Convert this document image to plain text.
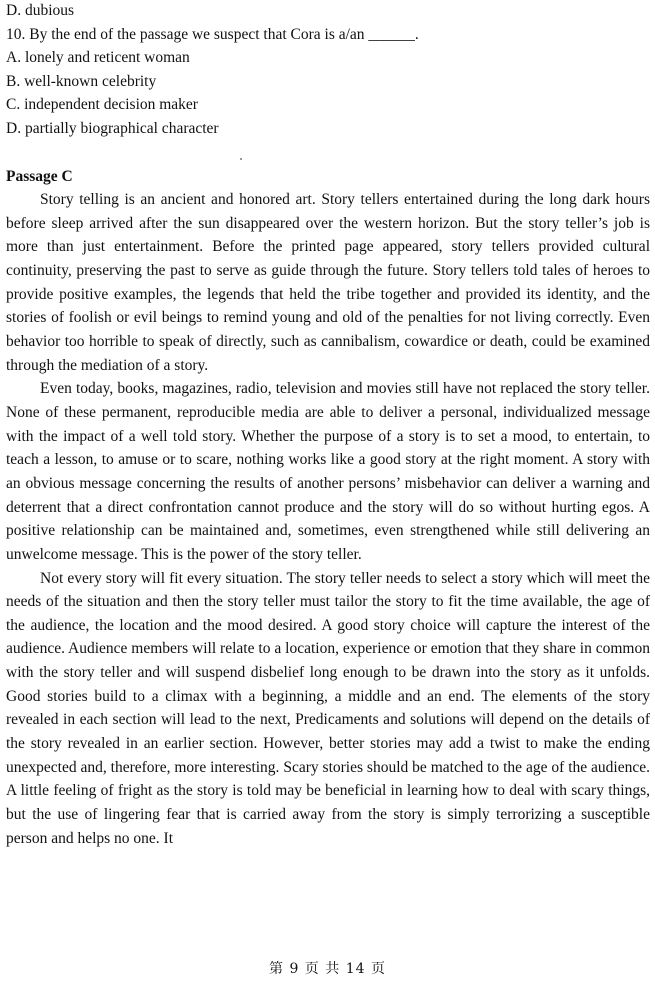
D. dubious
10. By the end of the passage we suspect that Cora is a/an ______.
A. lonely and reticent woman
B. well-known celebrity
C. independent decision maker
D. partially biographical character
Passage C

Story telling is an ancient and honored art. Story tellers entertained during the long dark hours before sleep arrived after the sun disappeared over the western horizon. But the story teller’s job is more than just entertainment. Before the printed page appeared, story tellers provided cultural continuity, preserving the past to serve as guide through the future. Story tellers told tales of heroes to provide positive examples, the legends that held the tribe together and provided its identity, and the stories of foolish or evil beings to remind young and old of the penalties for not living correctly. Even behavior too horrible to speak of directly, such as cannibalism, cowardice or death, could be examined through the mediation of a story.

Even today, books, magazines, radio, television and movies still have not replaced the story teller. None of these permanent, reproducible media are able to deliver a personal, individualized message with the impact of a well told story. Whether the purpose of a story is to set a mood, to entertain, to teach a lesson, to amuse or to scare, nothing works like a good story at the right moment. A story with an obvious message concerning the results of another persons’ misbehavior can deliver a warning and deterrent that a direct confrontation cannot produce and the story will do so without hurting egos. A positive relationship can be maintained and, sometimes, even strengthened while still delivering an unwelcome message. This is the power of the story teller.

Not every story will fit every situation. The story teller needs to select a story which will meet the needs of the situation and then the story teller must tailor the story to fit the time available, the age of the audience, the location and the mood desired. A good story choice will capture the interest of the audience. Audience members will relate to a location, experience or emotion that they share in common with the story teller and will suspend disbelief long enough to be drawn into the story as it unfolds. Good stories build to a climax with a beginning, a middle and an end. The elements of the story revealed in each section will lead to the next, Predicaments and solutions will depend on the details of the story revealed in an earlier section. However, better stories may add a twist to make the ending unexpected and, therefore, more interesting. Scary stories should be matched to the age of the audience. A little feeling of fright as the story is told may be beneficial in learning how to deal with scary things, but the use of lingering fear that is carried away from the story is simply terrorizing a susceptible person and helps no one. It

第 9 页 共 14 页
